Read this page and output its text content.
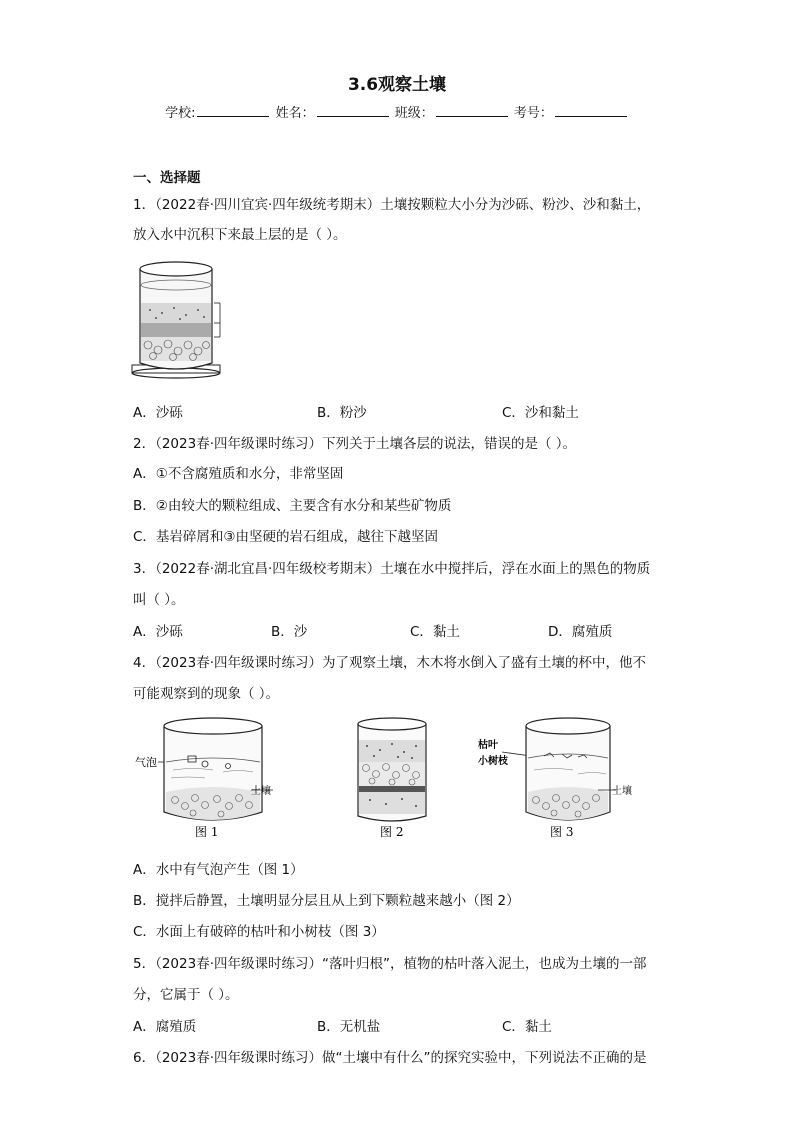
3.6观察土壤
学校:	姓名：	班级：	考号：
一、选择题
1．（2022春·四川宜宾·四年级统考期末）土壤按颗粒大小分为沙砾、粉沙、沙和黏土，
放入水中沉积下来最上层的是（ ）。
A．沙砾	B．粉沙	C．沙和黏土
2．（2023春·四年级课时练习）下列关于土壤各层的说法，错误的是（ ）。
A．①不含腐殖质和水分，非常坚固
B．②由较大的颗粒组成、主要含有水分和某些矿物质
C．基岩碎屑和③由坚硬的岩石组成，越往下越坚固
3．（2022春·湖北宜昌·四年级校考期末）土壤在水中搅拌后，浮在水面上的黑色的物质
叫（ ）。
A．沙砾	B．沙	C．黏土	D．腐殖质
4．（2023春·四年级课时练习）为了观察土壤，木木将水倒入了盛有土壤的杯中，他不
可能观察到的现象（ ）。
气泡
土壤
图 1	图 2
枯叶
小树枝
土壤
图 3
A．水中有气泡产生（图 1）
B．搅拌后静置，土壤明显分层且从上到下颗粒越来越小（图 2）
C．水面上有破碎的枯叶和小树枝（图 3）
5．（2023春·四年级课时练习）“落叶归根”，植物的枯叶落入泥土，也成为土壤的一部
分，它属于（ ）。
A．腐殖质	B．无机盐	C．黏土
6．（2023春·四年级课时练习）做“土壤中有什么”的探究实验中，下列说法不正确的是
